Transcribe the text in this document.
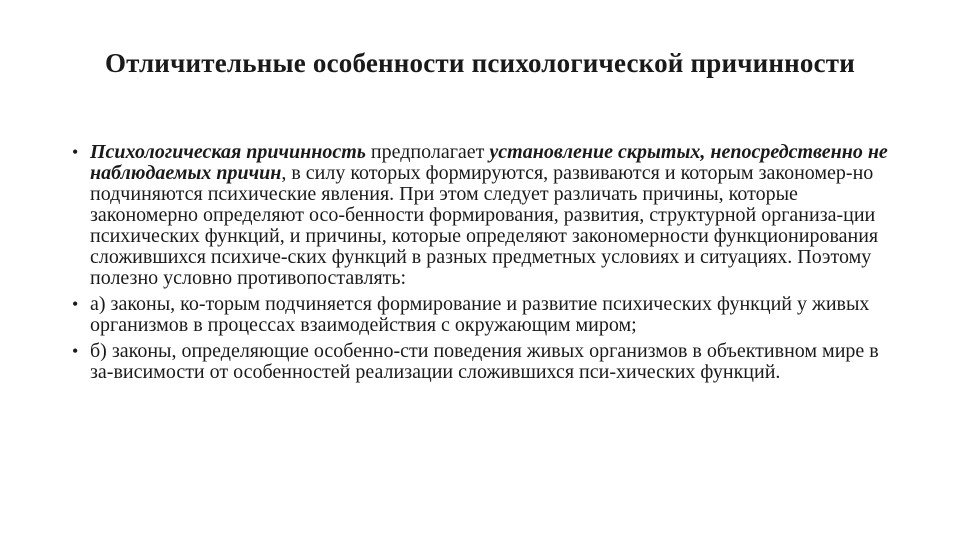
Отличительные особенности психологической причинности
• Психологическая причинность предполагает установление скрытых, непосредственно не наблюдаемых причин, в силу которых формируются, развиваются и которым закономер-но подчиняются психические явления. При этом следует различать причины, которые закономерно определяют осо-бенности формирования, развития, структурной организа-ции психических функций, и причины, которые определяют закономерности функционирования сложившихся психиче-ских функций в разных предметных условиях и ситуациях. Поэтому полезно условно противопоставлять:
• а) законы, ко-торым подчиняется формирование и развитие психических функций у живых организмов в процессах взаимодействия с окружающим миром;
• б) законы, определяющие особенно-сти поведения живых организмов в объективном мире в за-висимости от особенностей реализации сложившихся пси-хических функций.
